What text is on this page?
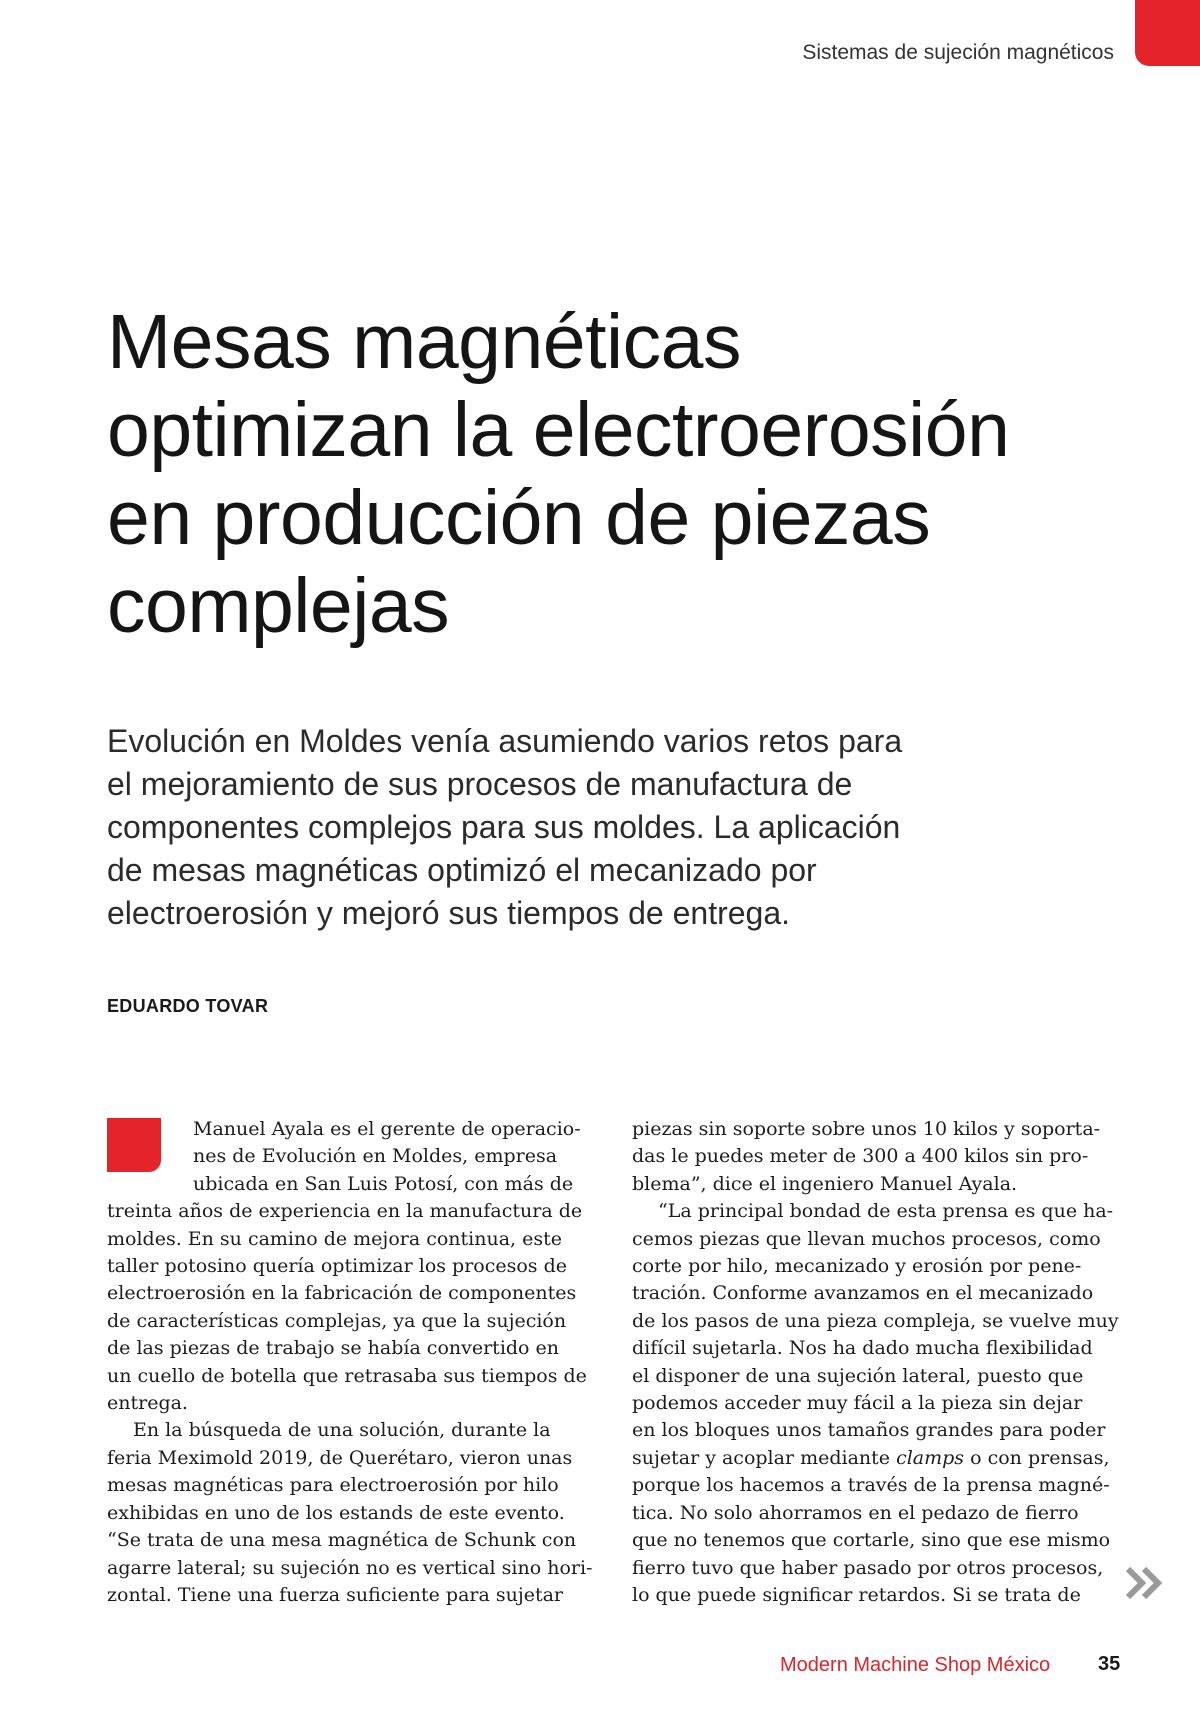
Sistemas de sujeción magnéticos

Mesas magnéticas
optimizan la electroerosión
en producción de piezas
complejas

Evolución en Moldes venía asumiendo varios retos para
el mejoramiento de sus procesos de manufactura de
componentes complejos para sus moldes. La aplicación
de mesas magnéticas optimizó el mecanizado por
electroerosión y mejoró sus tiempos de entrega.

EDUARDO TOVAR

Manuel Ayala es el gerente de operacio-
nes de Evolución en Moldes, empresa
ubicada en San Luis Potosí, con más de
treinta años de experiencia en la manufactura de
moldes. En su camino de mejora continua, este
taller potosino quería optimizar los procesos de
electroerosión en la fabricación de componentes
de características complejas, ya que la sujeción
de las piezas de trabajo se había convertido en
un cuello de botella que retrasaba sus tiempos de
entrega.
En la búsqueda de una solución, durante la
feria Meximold 2019, de Querétaro, vieron unas
mesas magnéticas para electroerosión por hilo
exhibidas en uno de los estands de este evento.
“Se trata de una mesa magnética de Schunk con
agarre lateral; su sujeción no es vertical sino hori-
zontal. Tiene una fuerza suficiente para sujetar
piezas sin soporte sobre unos 10 kilos y soporta-
das le puedes meter de 300 a 400 kilos sin pro-
blema”, dice el ingeniero Manuel Ayala.
“La principal bondad de esta prensa es que ha-
cemos piezas que llevan muchos procesos, como
corte por hilo, mecanizado y erosión por pene-
tración. Conforme avanzamos en el mecanizado
de los pasos de una pieza compleja, se vuelve muy
difícil sujetarla. Nos ha dado mucha flexibilidad
el disponer de una sujeción lateral, puesto que
podemos acceder muy fácil a la pieza sin dejar
en los bloques unos tamaños grandes para poder
sujetar y acoplar mediante clamps o con prensas,
porque los hacemos a través de la prensa magné-
tica. No solo ahorramos en el pedazo de fierro
que no tenemos que cortarle, sino que ese mismo
fierro tuvo que haber pasado por otros procesos,
lo que puede significar retardos. Si se trata de

Modern Machine Shop México 35
